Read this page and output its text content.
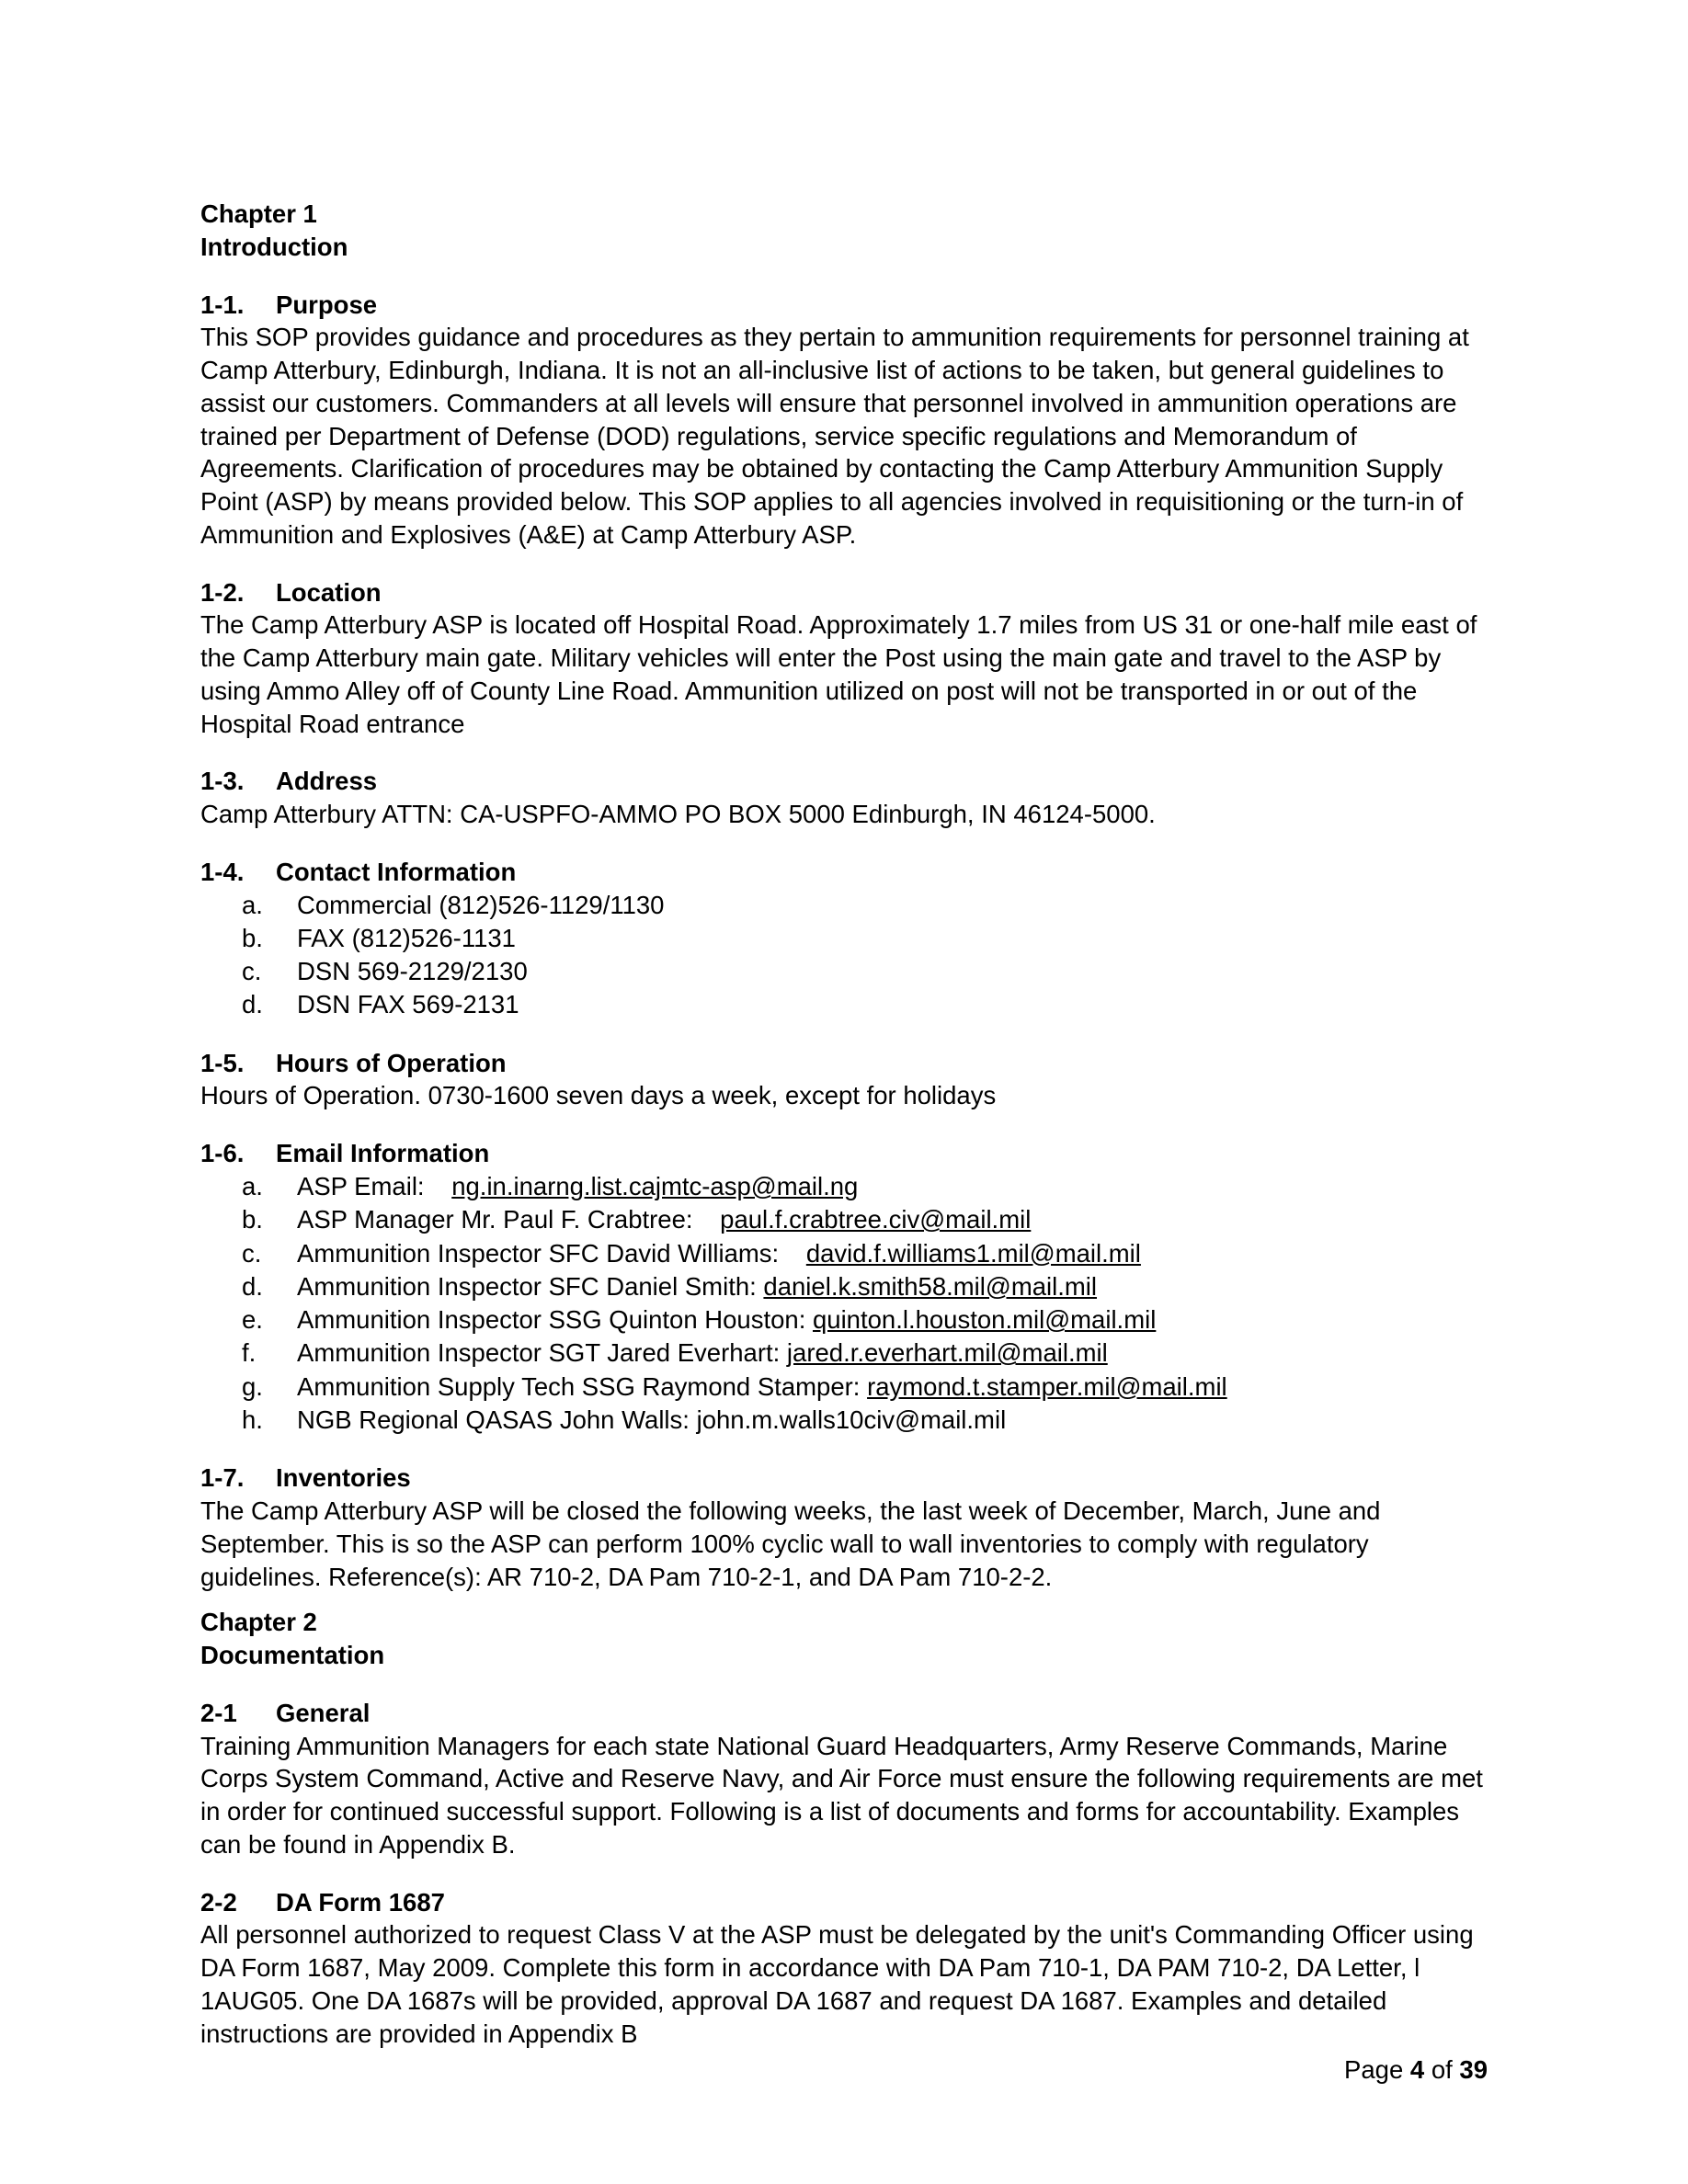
Chapter 1
Introduction
1-1. Purpose

This SOP provides guidance and procedures as they pertain to ammunition requirements for personnel training at Camp Atterbury, Edinburgh, Indiana. It is not an all-inclusive list of actions to be taken, but general guidelines to assist our customers. Commanders at all levels will ensure that personnel involved in ammunition operations are trained per Department of Defense (DOD) regulations, service specific regulations and Memorandum of Agreements. Clarification of procedures may be obtained by contacting the Camp Atterbury Ammunition Supply Point (ASP) by means provided below. This SOP applies to all agencies involved in requisitioning or the turn-in of Ammunition and Explosives (A&E) at Camp Atterbury ASP.

1-2. Location

The Camp Atterbury ASP is located off Hospital Road. Approximately 1.7 miles from US 31 or one-half mile east of the Camp Atterbury main gate. Military vehicles will enter the Post using the main gate and travel to the ASP by using Ammo Alley off of County Line Road. Ammunition utilized on post will not be transported in or out of the Hospital Road entrance

1-3. Address

Camp Atterbury ATTN: CA-USPFO-AMMO PO BOX 5000 Edinburgh, IN 46124-5000.

1-4. Contact Information
a.	Commercial (812)526-1129/1130
b.	FAX (812)526-1131
c.	DSN 569-2129/2130
d.	DSN FAX 569-2131
1-5. Hours of Operation

Hours of Operation. 0730-1600 seven days a week, except for holidays

1-6. Email Information
a.	ASP Email: ng.in.inarng.list.cajmtc-asp@mail.ng
b.	ASP Manager Mr. Paul F. Crabtree: paul.f.crabtree.civ@mail.mil
c.	Ammunition Inspector SFC David Williams: david.f.williams1.mil@mail.mil
d.	Ammunition Inspector SFC Daniel Smith: daniel.k.smith58.mil@mail.mil
e.	Ammunition Inspector SSG Quinton Houston: quinton.l.houston.mil@mail.mil
f.	Ammunition Inspector SGT Jared Everhart: jared.r.everhart.mil@mail.mil
g.	Ammunition Supply Tech SSG Raymond Stamper: raymond.t.stamper.mil@mail.mil
h.	NGB Regional QASAS John Walls: john.m.walls10civ@mail.mil
1-7. Inventories

The Camp Atterbury ASP will be closed the following weeks, the last week of December, March, June and September. This is so the ASP can perform 100% cyclic wall to wall inventories to comply with regulatory guidelines. Reference(s): AR 710-2, DA Pam 710-2-1, and DA Pam 710-2-2.

Chapter 2
Documentation
2-1 General

Training Ammunition Managers for each state National Guard Headquarters, Army Reserve Commands, Marine Corps System Command, Active and Reserve Navy, and Air Force must ensure the following requirements are met in order for continued successful support. Following is a list of documents and forms for accountability. Examples can be found in Appendix B.

2-2 DA Form 1687

All personnel authorized to request Class V at the ASP must be delegated by the unit's Commanding Officer using DA Form 1687, May 2009. Complete this form in accordance with DA Pam 710-1, DA PAM 710-2, DA Letter, l 1AUG05. One DA 1687s will be provided, approval DA 1687 and request DA 1687. Examples and detailed instructions are provided in Appendix B

Page 4 of 39
